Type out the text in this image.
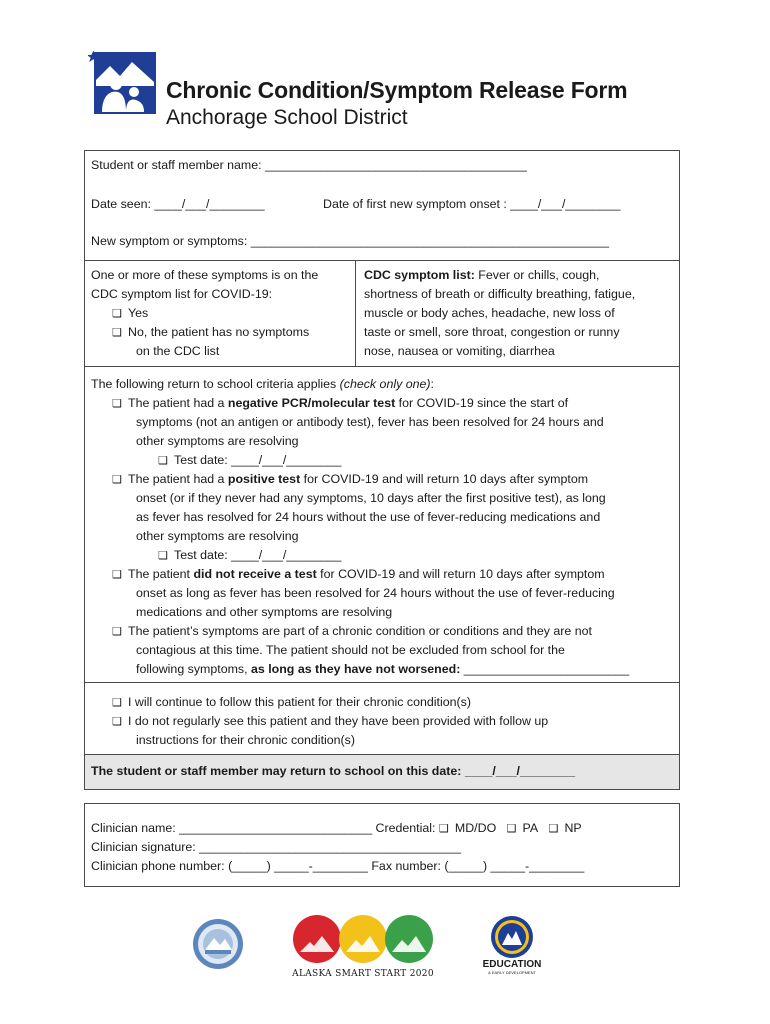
Chronic Condition/Symptom Release Form
Anchorage School District
Student or staff member name: ______________________________________
Date seen: ____/___/________	Date of first new symptom onset : ____/___/________
New symptom or symptoms: ____________________________________________________
One or more of these symptoms is on the
CDC symptom list for COVID-19:
❑ Yes
❑ No, the patient has no symptoms
on the CDC list
CDC symptom list: Fever or chills, cough,
shortness of breath or difficulty breathing, fatigue,
muscle or body aches, headache, new loss of
taste or smell, sore throat, congestion or runny
nose, nausea or vomiting, diarrhea
The following return to school criteria applies (check only one):
❑ The patient had a negative PCR/molecular test for COVID-19 since the start of
symptoms (not an antigen or antibody test), fever has been resolved for 24 hours and
other symptoms are resolving
❑ Test date: ____/___/________
❑ The patient had a positive test for COVID-19 and will return 10 days after symptom
onset (or if they never had any symptoms, 10 days after the first positive test), as long
as fever has resolved for 24 hours without the use of fever-reducing medications and
other symptoms are resolving
❑ Test date: ____/___/________
❑ The patient did not receive a test for COVID-19 and will return 10 days after symptom
onset as long as fever has been resolved for 24 hours without the use of fever-reducing
medications and other symptoms are resolving
❑ The patient’s symptoms are part of a chronic condition or conditions and they are not
contagious at this time. The patient should not be excluded from school for the
following symptoms, as long as they have not worsened: ________________________
❑ I will continue to follow this patient for their chronic condition(s)
❑ I do not regularly see this patient and they have been provided with follow up
instructions for their chronic condition(s)
The student or staff member may return to school on this date: ____/___/________
Clinician name: ____________________________ Credential: ❑ MD/DO ❑ PA ❑ NP
Clinician signature: ______________________________________
Clinician phone number: (_____) _____-________ Fax number: (_____) _____-________
ALASKA SMART START 2020
EDUCATION
& EARLY DEVELOPMENT
